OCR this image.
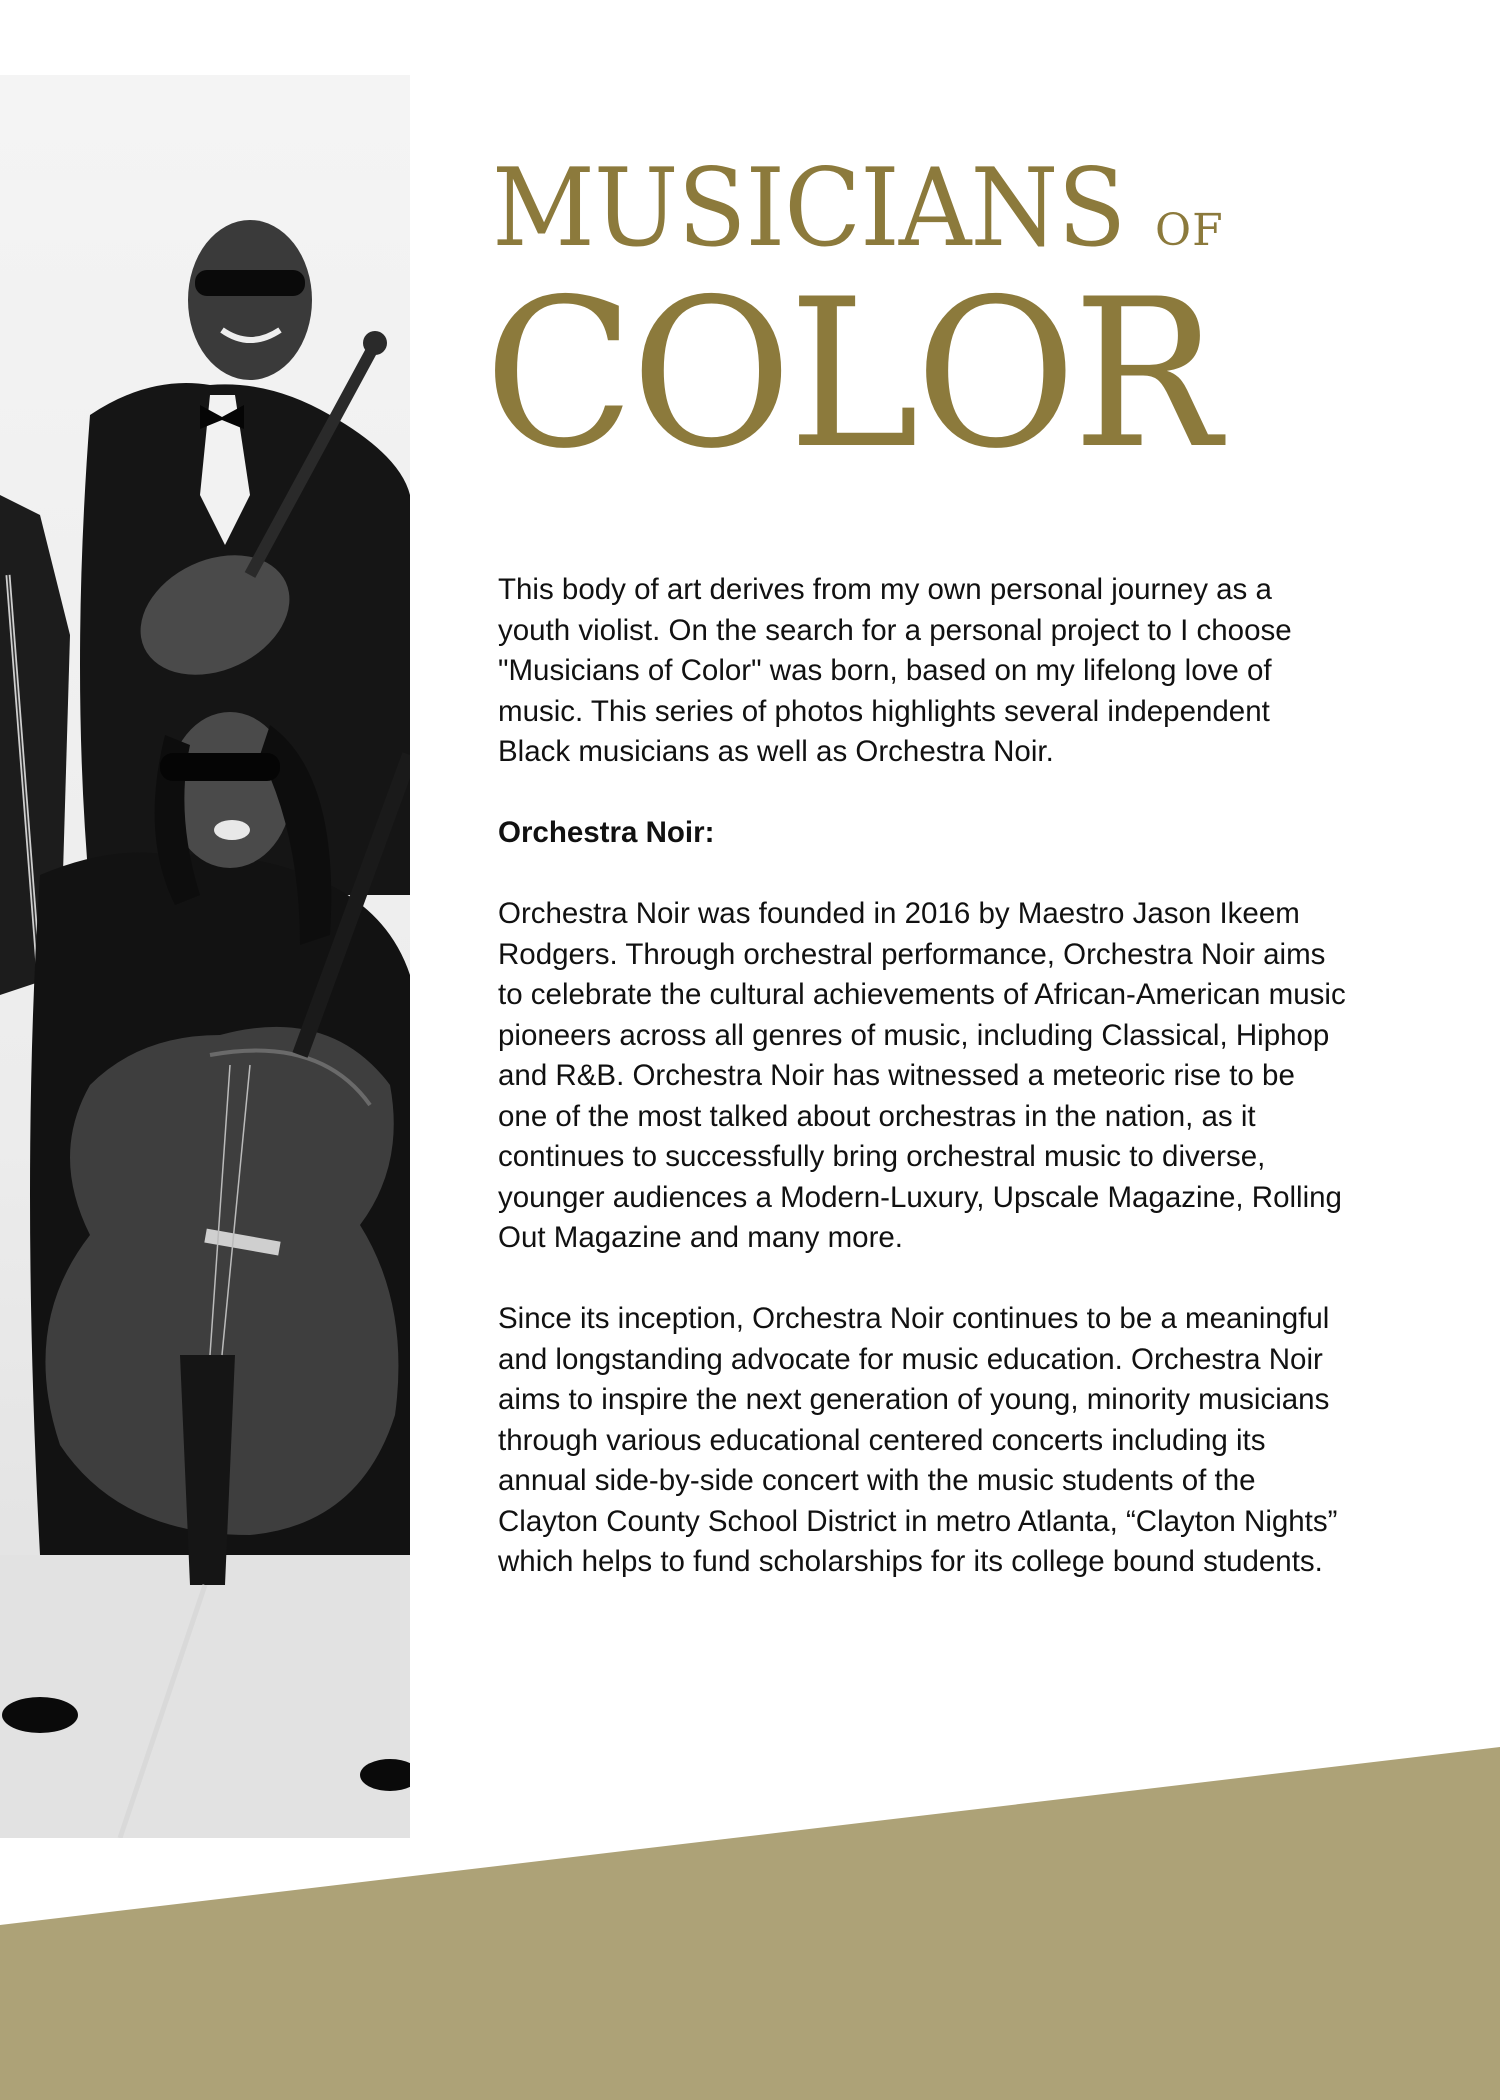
MUSICIANS OF
COLOR

This body of art derives from my own personal journey as a youth violist. On the search for a personal project to I choose "Musicians of Color" was born, based on my lifelong love of music. This series of photos highlights several independent Black musicians as well as Orchestra Noir.

Orchestra Noir:

Orchestra Noir was founded in 2016 by Maestro Jason Ikeem Rodgers. Through orchestral performance, Orchestra Noir aims to celebrate the cultural achievements of African-American music pioneers across all genres of music, including Classical, Hiphop and R&B. Orchestra Noir has witnessed a meteoric rise to be one of the most talked about orchestras in the nation, as it continues to successfully bring orchestral music to diverse, younger audiences a Modern-Luxury, Upscale Magazine, Rolling Out Magazine and many more.

Since its inception, Orchestra Noir continues to be a meaningful and longstanding advocate for music education. Orchestra Noir aims to inspire the next generation of young, minority musicians through various educational centered concerts including its annual side-by-side concert with the music students of the Clayton County School District in metro Atlanta, “Clayton Nights” which helps to fund scholarships for its college bound students.
